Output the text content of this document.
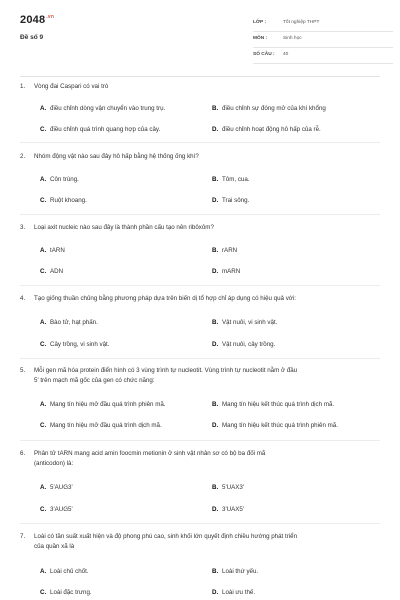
$2048^{.vn}$
Đề số 9
LỚP :	Tốt nghiệp THPT
MÔN :	Sinh học
SỐ CÂU : 40
1. Vòng đai Caspari có vai trò
A. điều chỉnh dòng vận chuyển vào trung trụ.	B. điều chỉnh sự đóng mở của khí khổng
C. điều chỉnh quá trình quang hợp của cây.	D. điều chỉnh hoạt động hô hấp của rễ.
2. Nhóm động vật nào sau đây hô hấp bằng hệ thống ống khí?
A. Côn trùng.	B. Tôm, cua.
C. Ruột khoang.	D. Trai sông.
3. Loại axit nucleic nào sau đây là thành phần cấu tạo nên ribôxôm?
A. tARN	B. rARN
C. ADN	D. mARN
4. Tạo giống thuần chủng bằng phương pháp dựa trên biến dị tổ hợp chỉ áp dụng có hiệu quả với:
A. Bào tử, hạt phấn.	B. Vật nuôi, vi sinh vật.
C. Cây trồng, vi sinh vật.	D. Vật nuôi, cây trồng.
5. Mỗi gen mã hóa protein điển hình có 3 vùng trình tự nucleotit. Vùng trình tự nucleotit nằm ở đầu
5' trên mạch mã gốc của gen có chức năng:
A. Mang tín hiệu mở đầu quá trình phiên mã.	B. Mang tín hiệu kết thúc quá trình dịch mã.
C. Mang tín hiệu mở đầu quá trình dịch mã.	D. Mang tín hiệu kết thúc quá trình phiên mã.
6. Phân tử tARN mang acid amin foocmin metionin ở sinh vật nhân sơ có bộ ba đối mã
(anticodon) là:
A. 5'AUG3'	B. 5'UAX3'
C. 3'AUG5'	D. 3'UAX5'
7. Loài có tần suất xuất hiện và độ phong phú cao, sinh khối lớn quyết định chiều hướng phát triển
của quần xã là
A. Loài chủ chốt.	B. Loài thứ yếu.
C. Loài đặc trưng.	D. Loài ưu thế.
